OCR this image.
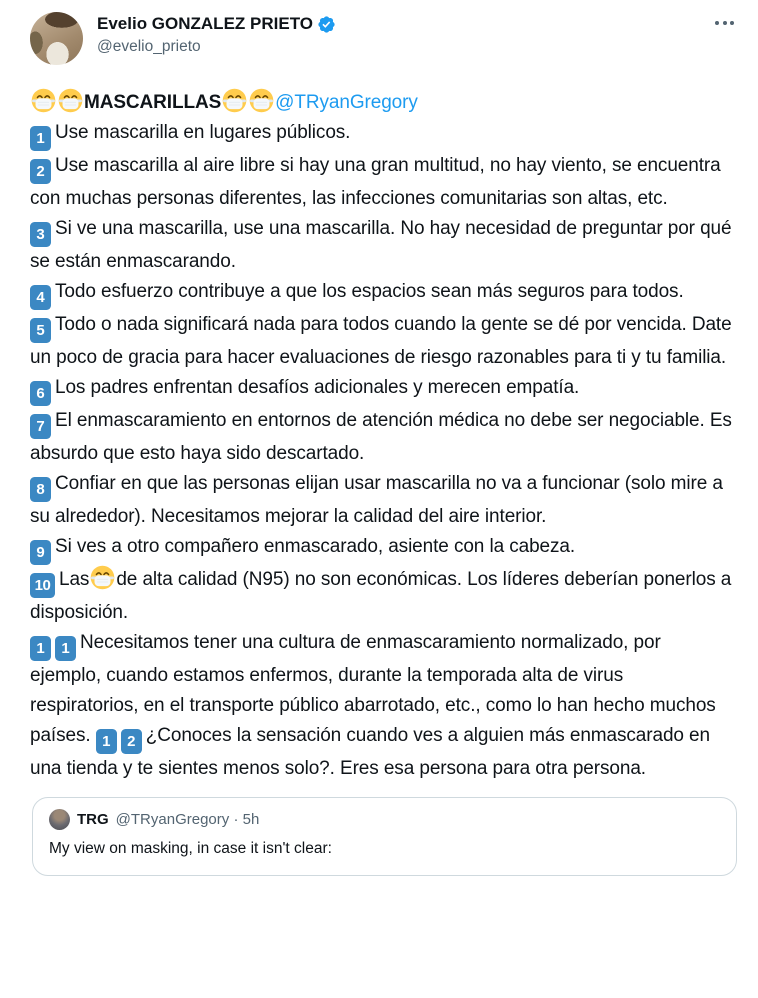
Evelio GONZALEZ PRIETO
@evelio_prieto
MASCARILLAS	@TRyanGregory
1 Use mascarilla en lugares públicos.
2 Use mascarilla al aire libre si hay una gran multitud, no hay viento, se encuentra con muchas personas diferentes, las infecciones comunitarias son altas, etc.
3 Si ve una mascarilla, use una mascarilla. No hay necesidad de preguntar por qué se están enmascarando.
4 Todo esfuerzo contribuye a que los espacios sean más seguros para todos.
5 Todo o nada significará nada para todos cuando la gente se dé por vencida. Date un poco de gracia para hacer evaluaciones de riesgo razonables para ti y tu familia.
6 Los padres enfrentan desafíos adicionales y merecen empatía.
7 El enmascaramiento en entornos de atención médica no debe ser negociable. Es absurdo que esto haya sido descartado.
8 Confiar en que las personas elijan usar mascarilla no va a funcionar (solo mire a su alrededor). Necesitamos mejorar la calidad del aire interior.
9 Si ves a otro compañero enmascarado, asiente con la cabeza.
10 Las de alta calidad (N95) no son económicas. Los líderes deberían ponerlos a disposición.
1 1 Necesitamos tener una cultura de enmascaramiento normalizado, por ejemplo, cuando estamos enfermos, durante la temporada alta de virus respiratorios, en el transporte público abarrotado, etc., como lo han hecho muchos países. 1 2 ¿Conoces la sensación cuando ves a alguien más enmascarado en una tienda y te sientes menos solo?. Eres esa persona para otra persona.
TRG @TRyanGregory · 5h
My view on masking, in case it isn't clear:
